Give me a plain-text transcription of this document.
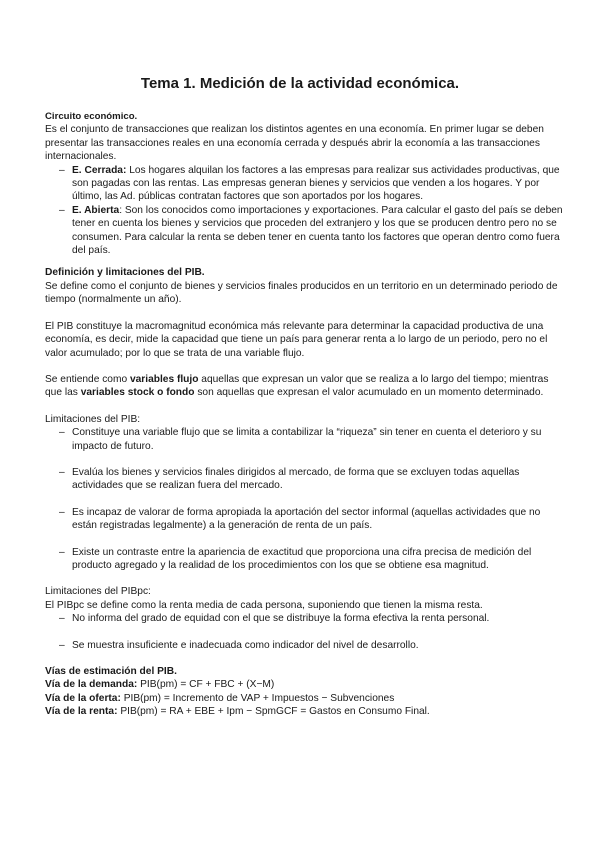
Tema 1. Medición de la actividad económica.

Circuito económico.

Es el conjunto de transacciones que realizan los distintos agentes en una economía. En primer lugar se deben presentar las transacciones reales en una economía cerrada y después abrir la economía a las transacciones internacionales.

– E. Cerrada: Los hogares alquilan los factores a las empresas para realizar sus actividades productivas, que son pagadas con las rentas. Las empresas generan bienes y servicios que venden a los hogares. Y por último, las Ad. públicas contratan factores que son aportados por los hogares.
– E. Abierta: Son los conocidos como importaciones y exportaciones. Para calcular el gasto del país se deben tener en cuenta los bienes y servicios que proceden del extranjero y los que se producen dentro pero no se consumen. Para calcular la renta se deben tener en cuenta tanto los factores que operan dentro como fuera del país.

Definición y limitaciones del PIB.

Se define como el conjunto de bienes y servicios finales producidos en un territorio en un determinado periodo de tiempo (normalmente un año).

El PIB constituye la macromagnitud económica más relevante para determinar la capacidad productiva de una economía, es decir, mide la capacidad que tiene un país para generar renta a lo largo de un periodo, pero no el valor acumulado; por lo que se trata de una variable flujo.

Se entiende como variables flujo aquellas que expresan un valor que se realiza a lo largo del tiempo; mientras que las variables stock o fondo son aquellas que expresan el valor acumulado en un momento determinado.

Limitaciones del PIB:

– Constituye una variable flujo que se limita a contabilizar la “riqueza” sin tener en cuenta el deterioro y su impacto de futuro.
– Evalúa los bienes y servicios finales dirigidos al mercado, de forma que se excluyen todas aquellas actividades que se realizan fuera del mercado.
– Es incapaz de valorar de forma apropiada la aportación del sector informal (aquellas actividades que no están registradas legalmente) a la generación de renta de un país.
– Existe un contraste entre la apariencia de exactitud que proporciona una cifra precisa de medición del producto agregado y la realidad de los procedimientos con los que se obtiene esa magnitud.

Limitaciones del PIBpc:

El PIBpc se define como la renta media de cada persona, suponiendo que tienen la misma resta.

– No informa del grado de equidad con el que se distribuye la forma efectiva la renta personal.
– Se muestra insuficiente e inadecuada como indicador del nivel de desarrollo.

Vías de estimación del PIB.

Vía de la demanda: PIB(pm) = CF + FBC + (X−M)

Vía de la oferta: PIB(pm) = Incremento de VAP + Impuestos − Subvenciones

Vía de la renta: PIB(pm) = RA + EBE + Ipm − SpmGCF = Gastos en Consumo Final.
